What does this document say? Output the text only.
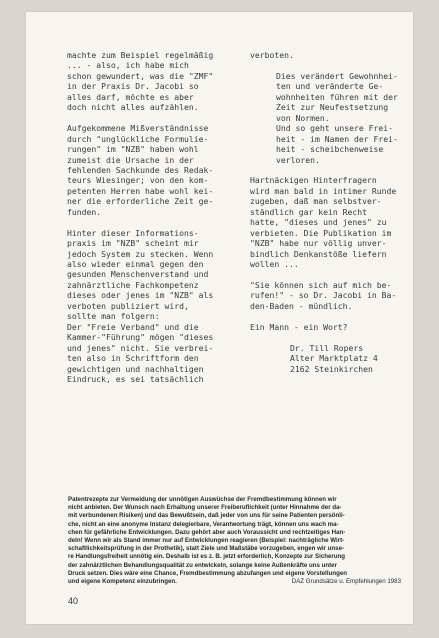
machte zum Beispiel regelmäßig
... - also, ich habe mich
schon gewundert, was die "ZMF"
in der Praxis Dr. Jacobi so
alles darf, möchte es aber
doch nicht alles aufzählen.
Aufgekommene Mißverständnisse
durch "unglückliche Formulie-
rungen" im "NZB" haben wohl
zumeist die Ursache in der
fehlenden Sachkunde des Redak-
teurs Wiesinger; von den kom-
petenten Herren habe wohl kei-
ner die erforderliche Zeit ge-
funden.
Hinter dieser Informations-
praxis im "NZB" scheint mir
jedoch System zu stecken. Wenn
also wieder einmal gegen den
gesunden Menschenverstand und
zahnärztliche Fachkompetenz
dieses oder jenes im "NZB" als
verboten publiziert wird,
sollte man folgern:
Der "Freie Verband" und die
Kammer-"Führung" mögen "dieses
und jenes" nicht. Sie verbrei-
ten also in Schriftform den
gewichtigen und nachhaltigen
Eindruck, es sei tatsächlich
verboten.
Dies verändert Gewohnhei-
ten und veränderte Ge-
wohnheiten führen mit der
Zeit zur Neufestsetzung
von Normen.
Und so geht unsere Frei-
heit - im Namen der Frei-
heit - scheibchenweise
verloren.
Hartnäckigen Hinterfragern
wird man bald in intimer Runde
zugeben, daß man selbstver-
ständlich gar kein Recht
hatte, "dieses und jenes" zu
verbieten. Die Publikation im
"NZB" habe nur völlig unver-
bindlich Denkanstöße liefern
wollen ...
"Sie können sich auf mich be-
rufen!" - so Dr. Jacobi in Ba-
den-Baden - mündlich.
Ein Mann - ein Wort?
Dr. Till Ropers
Alter Marktplatz 4
2162 Steinkirchen
Patentrezepte zur Vermeidung der unnötigen Auswüchse der Fremdbestimmung können wir
nicht anbieten. Der Wunsch nach Erhaltung unserer Freiberuflichkeit (unter Hinnahme der da-
mit verbundenen Risiken) und das Bewußtsein, daß jeder von uns für seine Patienten persönli-
che, nicht an eine anonyme Instanz delegierbare, Verantwortung trägt, können uns wach ma-
chen für gefährliche Entwicklungen. Dazu gehört aber auch Voraussicht und rechtzeitiges Han-
deln! Wenn wir als Stand immer nur auf Entwicklungen reagieren (Beispiel: nachträgliche Wirt-
schaftlichkeitsprüfung in der Prothetik), statt Ziele und Maßstäbe vorzugeben, engen wir unse-
re Handlungsfreiheit unnötig ein. Deshalb ist es z. B. jetzt erforderlich, Konzepte zur Sicherung
der zahnärztlichen Behandlungsqualität zu entwickeln, solange keine Außenkräfte uns unter
Druck setzen. Dies wäre eine Chance, Fremdbestimmung abzufangen und eigene Vorstellungen
und eigene Kompetenz einzubringen.	DAZ Grundsätze u. Empfehlungen 1983
40
